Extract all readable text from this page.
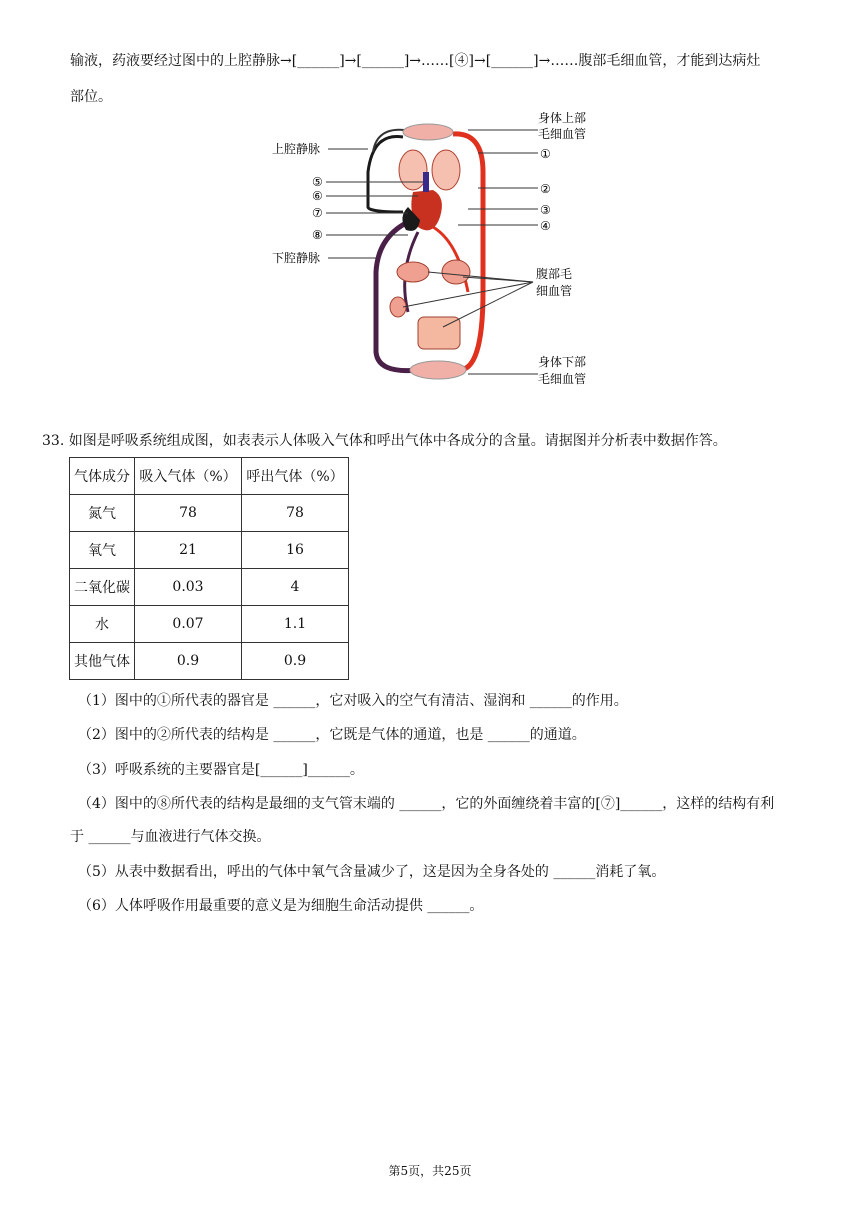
输液，药液要经过图中的上腔静脉→[______]→[______]→……[④]→[______]→……腹部毛细血管，才能到达病灶
部位。
身体上部
毛细血管
上腔静脉	①
⑤	②
⑥
③
⑦
④
⑧
下腔静脉
腹部毛
细血管
身体下部
毛细血管
33. 如图是呼吸系统组成图，如表表示人体吸入气体和呼出气体中各成分的含量。请据图并分析表中数据作答。
气体成分	吸入气体（%）	呼出气体（%）
氮气	78	78
氧气	21	16
二氧化碳	0.03	4
水	0.07	1.1
其他气体	0.9	0.9
（1）图中的①所代表的器官是 ______，它对吸入的空气有清洁、湿润和 ______的作用。
（2）图中的②所代表的结构是 ______，它既是气体的通道，也是 ______的通道。
（3）呼吸系统的主要器官是[______]______。
（4）图中的⑧所代表的结构是最细的支气管末端的 ______，它的外面缠绕着丰富的[⑦]______，这样的结构有利
于 ______与血液进行气体交换。
（5）从表中数据看出，呼出的气体中氧气含量减少了，这是因为全身各处的 ______消耗了氧。
（6）人体呼吸作用最重要的意义是为细胞生命活动提供 ______。
第5页，共25页
